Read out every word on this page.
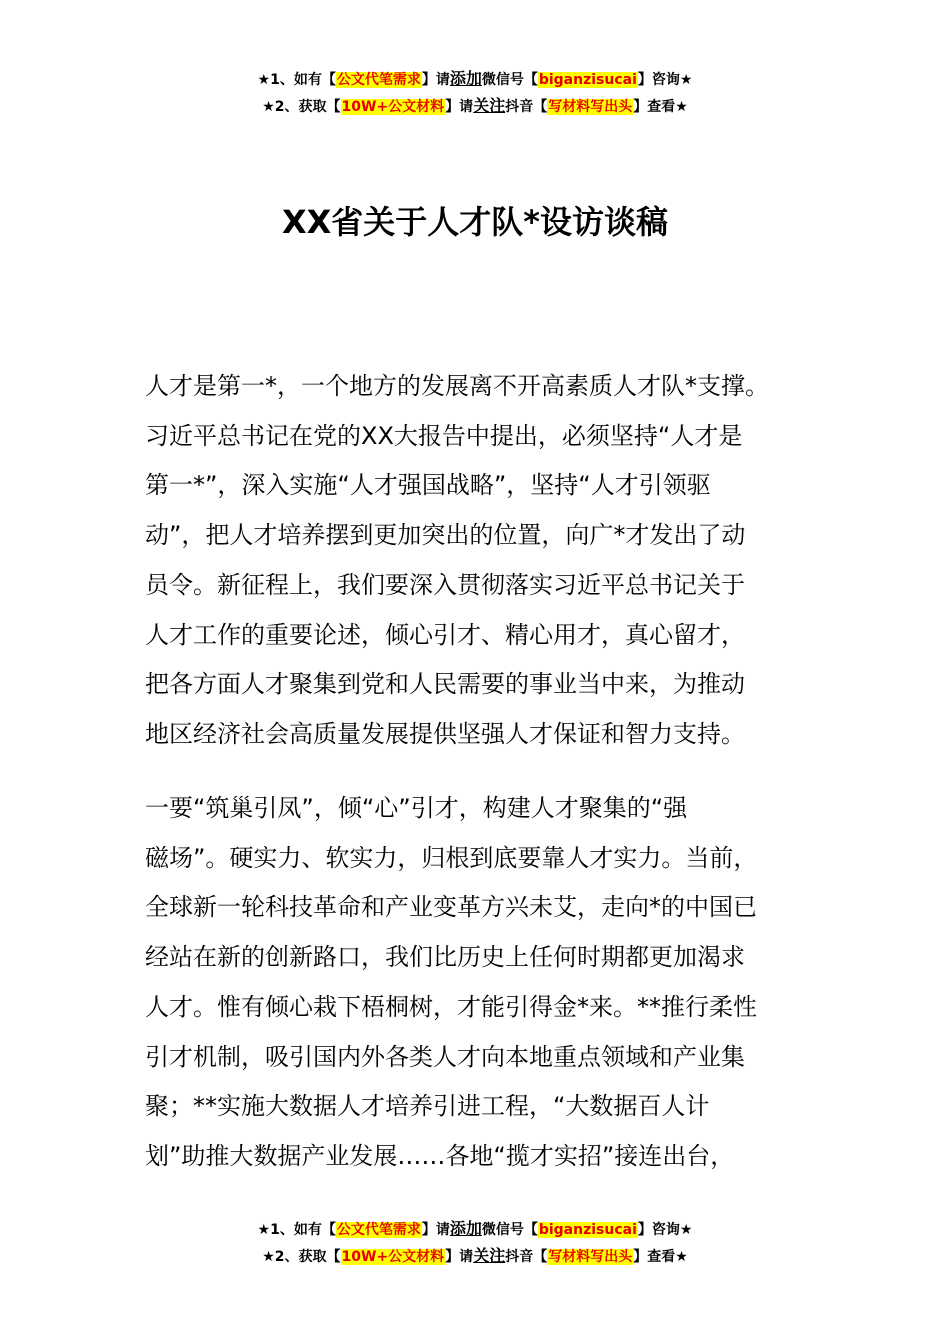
★1、如有【公文代笔需求】请添加微信号【biganzisucai】咨询★
★2、获取【10W+公文材料】请关注抖音【写材料写出头】查看★
XX省关于人才队*设访谈稿
人才是第一*，一个地方的发展离不开高素质人才队*支撑。
习近平总书记在党的XX大报告中提出，必须坚持“人才是
第一*”，深入实施“人才强国战略”，坚持“人才引领驱
动”，把人才培养摆到更加突出的位置，向广*才发出了动
员令。新征程上，我们要深入贯彻落实习近平总书记关于
人才工作的重要论述，倾心引才、精心用才，真心留才，
把各方面人才聚集到党和人民需要的事业当中来，为推动
地区经济社会高质量发展提供坚强人才保证和智力支持。
一要“筑巢引凤”，倾“心”引才，构建人才聚集的“强
磁场”。硬实力、软实力，归根到底要靠人才实力。当前，
全球新一轮科技革命和产业变革方兴未艾，走向*的中国已
经站在新的创新路口，我们比历史上任何时期都更加渴求
人才。惟有倾心栽下梧桐树，才能引得金*来。**推行柔性
引才机制，吸引国内外各类人才向本地重点领域和产业集
聚；**实施大数据人才培养引进工程，“大数据百人计
划”助推大数据产业发展……各地“揽才实招”接连出台，
★1、如有【公文代笔需求】请添加微信号【biganzisucai】咨询★
★2、获取【10W+公文材料】请关注抖音【写材料写出头】查看★
